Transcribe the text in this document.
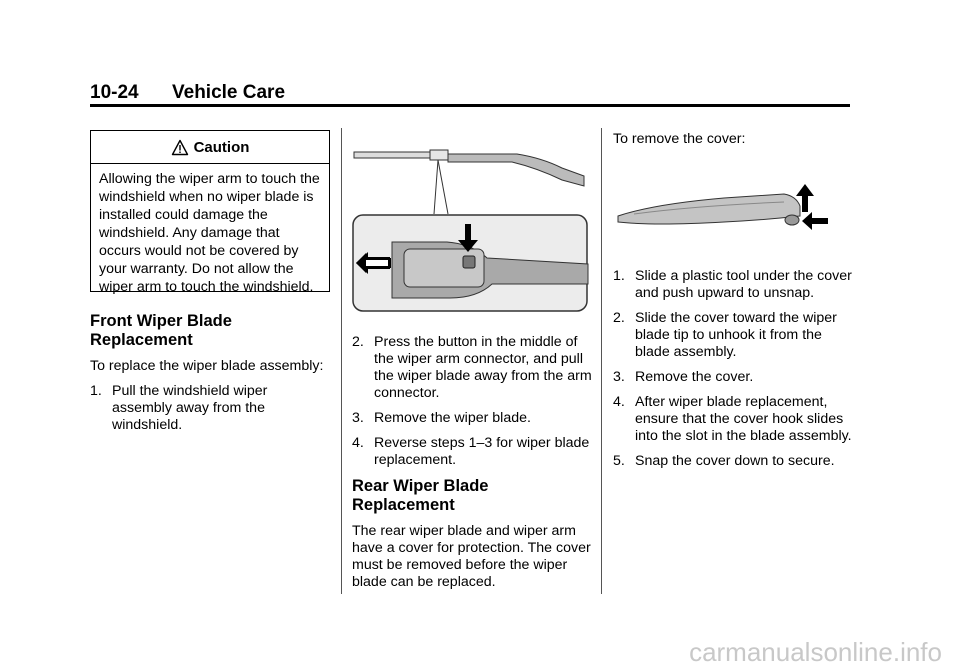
10-24 Vehicle Care
Caution
Allowing the wiper arm to touch the windshield when no wiper blade is installed could damage the windshield. Any damage that occurs would not be covered by your warranty. Do not allow the wiper arm to touch the windshield.
Front Wiper Blade Replacement

To replace the wiper blade assembly:

1. Pull the windshield wiper assembly away from the windshield.
2. Press the button in the middle of the wiper arm connector, and pull the wiper blade away from the arm connector.
3. Remove the wiper blade.
4. Reverse steps 1–3 for wiper blade replacement.
Rear Wiper Blade Replacement

The rear wiper blade and wiper arm have a cover for protection. The cover must be removed before the wiper blade can be replaced.

To remove the cover:

1. Slide a plastic tool under the cover and push upward to unsnap.
2. Slide the cover toward the wiper blade tip to unhook it from the blade assembly.
3. Remove the cover.
4. After wiper blade replacement, ensure that the cover hook slides into the slot in the blade assembly.
5. Snap the cover down to secure.
carmanualsonline.info
